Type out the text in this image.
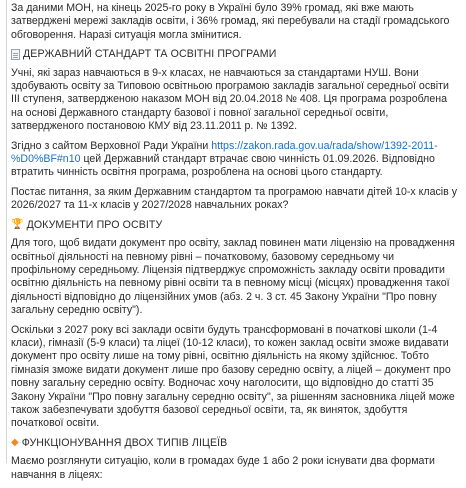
За даними МОН, на кінець 2025-го року в Україні було 39% громад, які вже мають затверджені мережі закладів освіти, і 36% громад, які перебували на стадії громадського обговорення. Наразі ситуація могла змінитися.

ДЕРЖАВНИЙ СТАНДАРТ ТА ОСВІТНІ ПРОГРАМИ

Учні, які зараз навчаються в 9-х класах, не навчаються за стандартами НУШ. Вони здобувають освіту за Типовою освітньою програмою закладів загальної середньої освіти ІІІ ступеня, затвердженою наказом МОН від 20.04.2018 № 408. Ця програма розроблена на основі Державного стандарту базової і повної загальної середньої освіти, затвердженого постановою КМУ від 23.11.2011 р. № 1392.

Згідно з сайтом Верховної Ради України https://zakon.rada.gov.ua/rada/show/1392-2011-%D0%BF#n10 цей Державний стандарт втрачає свою чинність 01.09.2026. Відповідно втратить чинність освітня програма, розроблена на основі цього стандарту.

Постає питання, за яким Державним стандартом та програмою навчати дітей 10-х класів у 2026/2027 та 11-х класів у 2027/2028 навчальних роках?

🏆 ДОКУМЕНТИ ПРО ОСВІТУ

Для того, щоб видати документ про освіту, заклад повинен мати ліцензію на провадження освітньої діяльності на певному рівні – початковому, базовому середньому чи профільному середньому. Ліцензія підтверджує спроможність закладу освіти провадити освітню діяльність на певному рівні освіти та в певному місці (місцях) провадження такої діяльності відповідно до ліцензійних умов (абз. 2 ч. 3 ст. 45 Закону України "Про повну загальну середню освіту").

Оскільки з 2027 року всі заклади освіти будуть трансформовані в початкові школи (1-4 класи), гімназії (5-9 класи) та ліцеї (10-12 класи), то кожен заклад освіти зможе видавати документ про освіту лише на тому рівні, освітню діяльність на якому здійснює. Тобто гімназія зможе видати документ лише про базову середню освіту, а ліцей – документ про повну загальну середню освіту. Водночас хочу наголосити, що відповідно до статті 35 Закону України "Про повну загальну середню освіту", за рішенням засновника ліцей може також забезпечувати здобуття базової середньої освіти, та, як виняток, здобуття початкової освіти.

◆ ФУНКЦІОНУВАННЯ ДВОХ ТИПІВ ЛІЦЕЇВ

Маємо розглянути ситуацію, коли в громадах буде 1 або 2 роки існувати два формати навчання в ліцеях:
